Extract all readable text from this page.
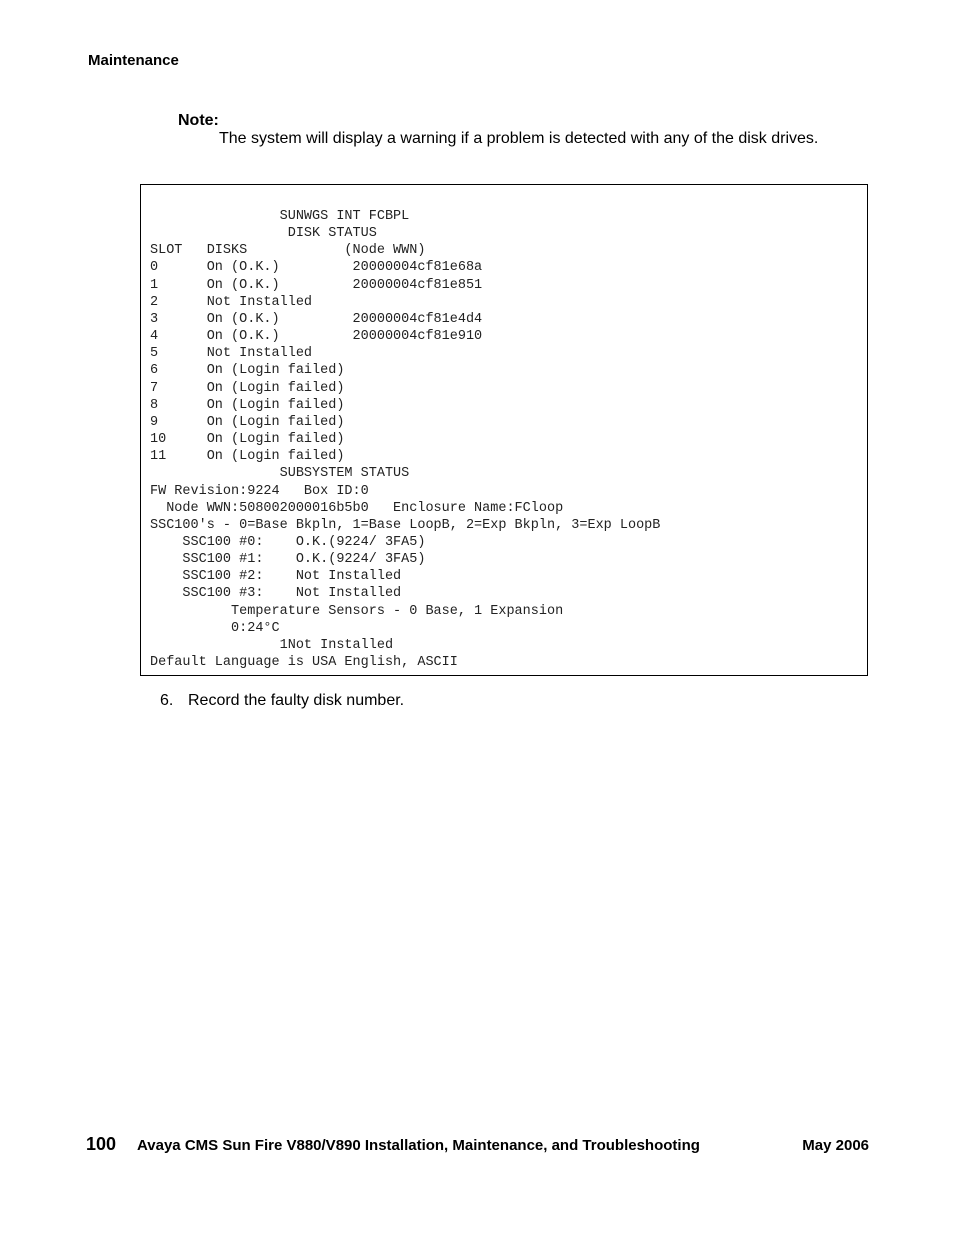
Maintenance
Note:
The system will display a warning if a problem is detected with any of the disk drives.
SUNWGS INT FCBPL
DISK STATUS
SLOT   DISKS            (Node WWN)
0      On (O.K.)         20000004cf81e68a
1      On (O.K.)         20000004cf81e851
2      Not Installed
3      On (O.K.)         20000004cf81e4d4
4      On (O.K.)         20000004cf81e910
5      Not Installed
6      On (Login failed)
7      On (Login failed)
8      On (Login failed)
9      On (Login failed)
10     On (Login failed)
11     On (Login failed)
SUBSYSTEM STATUS
FW Revision:9224   Box ID:0
Node WWN:508002000016b5b0   Enclosure Name:FCloop
SSC100's - 0=Base Bkpln, 1=Base LoopB, 2=Exp Bkpln, 3=Exp LoopB
SSC100 #0:    O.K.(9224/ 3FA5)
SSC100 #1:    O.K.(9224/ 3FA5)
SSC100 #2:    Not Installed
SSC100 #3:    Not Installed
Temperature Sensors - 0 Base, 1 Expansion
0:24°C
1Not Installed
Default Language is USA English, ASCII
6. Record the faulty disk number.
100 Avaya CMS Sun Fire V880/V890 Installation, Maintenance, and Troubleshooting	May 2006
